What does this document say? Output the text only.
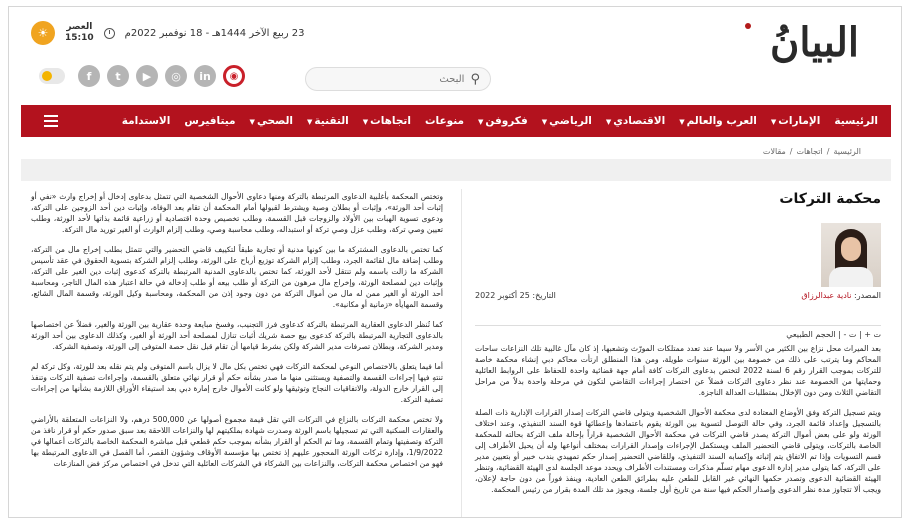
البيانُ
☀	العصر
15:10	23 ربيع الآخر 1444هـ - 18 نوفمبر 2022م
f	t	▶	◎	in	◉
البحث	⚲
الرئيسية
الإمارات▼
العرب والعالم▼
الاقتصادي▼
الرياضي▼
فكروفن▼
منوعات
اتجاهات▼
التقنية▼
الصحي▼
ميتافيرس
الاستدامة
الرئيسية
/
اتجاهات
/
مقالات
محكمة التركات
المصدر: نادية عبدالرزاق
التاريخ: 25 أكتوبر 2022
ت + | ت - | الحجم الطبيعي

بعد الميراث محل نزاع بين الكثير من الأسر ولا سيما عند تعدد ممتلكات المورّث وتشعبها، إذ كان مآل غالبية تلك النزاعات ساحات المحاكم وما يترتب على ذلك من خصومة بين الورثة سنوات طويلة، ومن هذا المنطلق ارتأت محاكم دبي إنشاء محكمة خاصة للتركات بموجب القرار رقم 6 لسنة 2022 لتختص بدعاوى التركات كافة أمام جهة قضائية واحدة للحفاظ على الروابط العائلية وحمايتها من الخصومة عند نظر دعاوى التركات فضلاً عن اختصار إجراءات التقاضي لتكون في مرحلة واحدة بدلاً من مراحل التقاضي الثلاث ومن دون الإخلال بمتطلبات العدالة الناجزة.

ويتم تسجيل التركة وفق الأوضاع المعتادة لدى محكمة الأحوال الشخصية ويتولى قاضي التركات إصدار القرارات الإدارية ذات الصلة بالتسجيل وإعداد قائمة الجرد، وفي حالة التوصل لتسوية بين الورثة يقوم باعتمادها وإعطائها قوة السند التنفيذي، وعند اختلاف الورثة ولو على بعض أموال التركة يصدر قاضي التركات في محكمة الأحوال الشخصية قراراً بإحالة ملف التركة بحالته للمحكمة الخاصة بالتركات، ويتولى قاضي التحضير الملف ويستكمل الإجراءات وإصدار القرارات بمختلف أنواعها وله أن يحيل الأطراف إلى قسم التسويات وإذا تم الاتفاق يتم إثباته وإكسابه السند التنفيذي، وللقاضي التحضير إصدار حكم تمهيدي بندب خبير أو بتعيين مدير على التركة، كما يتولى مدير إدارة الدعوى مهام تسلّم مذكرات ومستندات الأطراف ويحدد موعد الجلسة لدى الهيئة القضائية، وتنظر الهيئة القضائية الدعوى وتصدر حكمها النهائي غير القابل للطعن عليه بطرائق الطعن العادية، وينفذ فوراً من دون حاجة لإعلان، ويجب ألا تتجاوز مدة نظر الدعوى وإصدار الحكم فيها سنة من تاريخ أول جلسة، ويجوز مد تلك المدة بقرار من رئيس المحكمة.

وتختص المحكمة بأغلبية الدعاوى المرتبطة بالتركة ومنها دعاوى الأحوال الشخصية التي تتمثل بدعاوى إدخال أو إخراج وارث «نفي أو إثبات أحد الورثة»، وإثبات أو بطلان وصية ويشترط لقبولها أمام المحكمة أن تقام بعد الوفاة، وإثبات دين أحد الزوجين على التركة، ودعوى تسوية الهبات بين الأولاد والزوجات قبل القسمة، وطلب تخصيص وحدة اقتصادية أو زراعية قائمة بذاتها لأحد الورثة، وطلب تعيين وصي تركة، وطلب عزل وصي تركة أو استبداله، وطلب محاسبة وصي، وطلب إلزام الوارث أو الغير توريد مال التركة.

كما تختص بالدعاوى المشتركة ما بين كونها مدنية أو تجارية طبقاً لتكييف قاضي التحضير والتي تتمثل بطلب إخراج مال من التركة، وطلب إضافة مال لقائمة الجرد، وطلب إلزام الشركة توزيع أرباح على الورثة، وطلب إلزام الشركة بتسوية الحقوق في عقد تأسيس الشركة ما زالت باسمه ولم تنتقل لأحد الورثة، كما تختص بالدعاوى المدنية المرتبطة بالتركة كدعوى إثبات دين الغير على التركة، وإثبات دين لمصلحة الورثة، وإخراج مال مرهون من التركة أو طلب بيعه أو طلب إدخاله في حالة اعتبار هذه المال التاجر، ومحاسبة أحد الورثة أو الغير ممن له مال من أموال التركة من دون وجود إذن من المحكمة، ومحاسبة وكيل الورثة، وقسمة المال الشائع، وقسمة المهايأة «زمانية أو مكانية».

كما تُنظر الدعاوى العقارية المرتبطة بالتركة كدعاوى فرز التجنيب، وفسخ مبايعة وحدة عقارية بين الورثة والغير، فضلاً عن اختصاصها بالدعاوى التجارية المرتبطة بالتركة كدعوى بيع حصة شريك أثبات تنازل لمصلحة أحد الورثة أو الغير، وكذلك الدعاوى بين أحد الورثة ومدير الشركة، وبطلان تصرفات مدير الشركة ولكن بشرط قيامها أن تقام قبل نقل حصة المتوفى إلى الورثة، وتصفية الشركة.

أما فيما يتعلق بالاختصاص النوعي لمحكمة التركات فهي تختص بكل مال لا يزال باسم المتوفى ولم يتم نقله بعد للورثة، وكل تركة لم تنتهِ فيها إجراءات القسمة والتصفية ويستثنى منها ما صدر بشأنه حكم أو قرار نهائي متعلق بالقسمة، وإجراءات تصفية التركات وتنفذ إلى القرار خارج الدولة، والاتفاقيات النجاح وتوثيقها ولو كانت الأموال خارج إمارة دبي بعد استيفاء الأوراق اللازمة بشأنها من إجراءات تصفية التركة.

ولا تختص محكمة التركات بالنزاع في التركات التي تقل قيمة مجموع أصولها عن 500,000 درهم، ولا النزاعات المتعلقة بالأراضي والعقارات السكنية التي تم تسجيلها باسم الورثة وصدرت شهادة بملكيتهم لها والنزاعات اللاحقة بعد سبق صدور حكم أو قرار نافذ من التركة وتصفيتها وتمام القسمة، وما تم الحكم أو القرار بشأنه بموجب حكم قطعي قبل مباشرة المحكمة الخاصة بالتركات أعمالها في 1/9/2022، وإدارة تركات الورثة المحجور عليهم إذ تختص بها مؤسسة الأوقاف وشؤون القصر، أما الفصل في الدعاوى المرتبطة بها فهو من اختصاص محكمة التركات، والنزاعات بين الشركاء في الشركات العائلية التي تدخل في اختصاص مركز فض المنازعات
